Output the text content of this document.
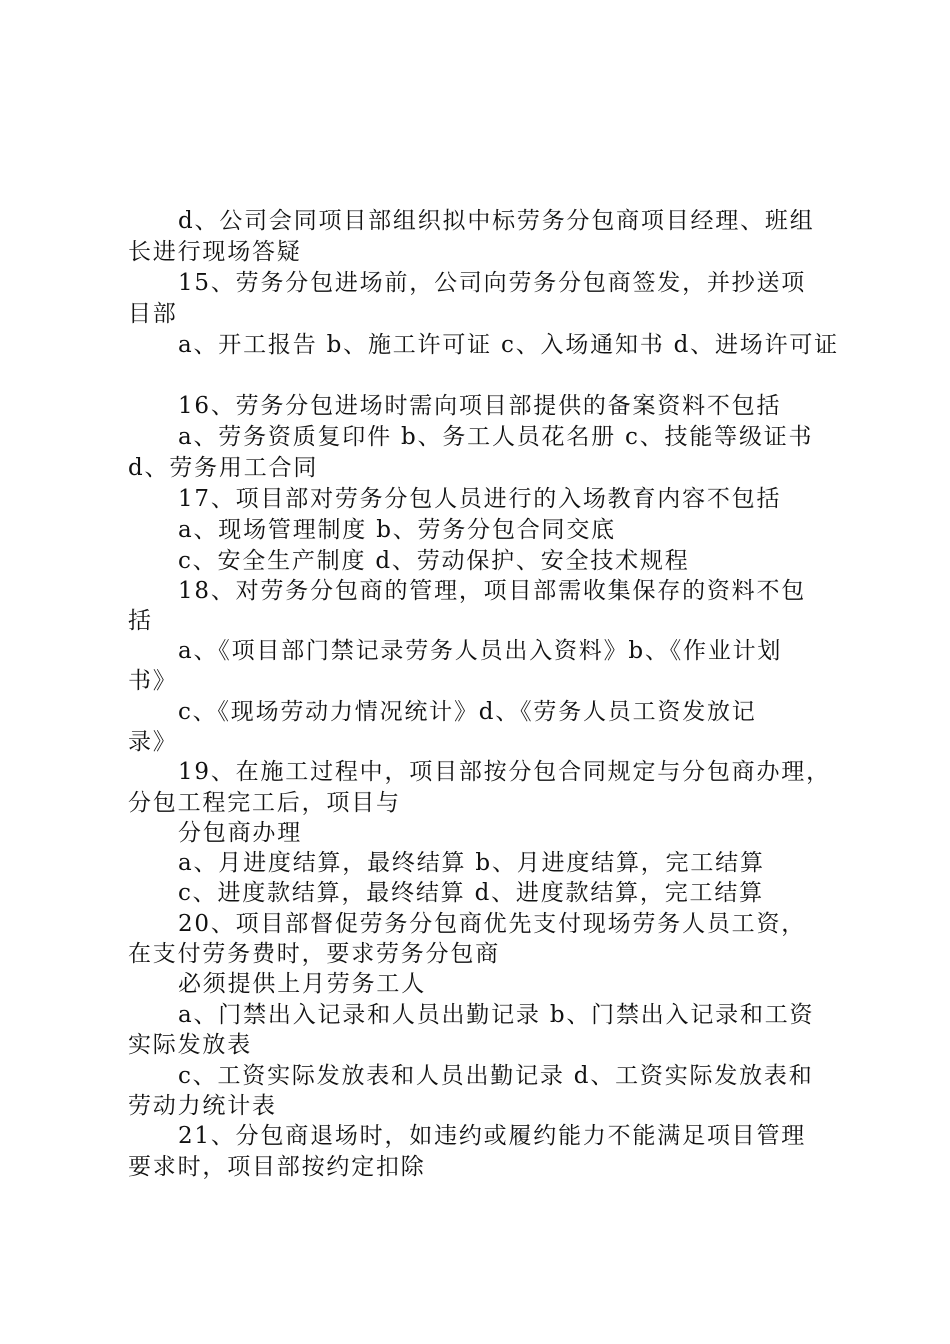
d、公司会同项目部组织拟中标劳务分包商项目经理、班组
长进行现场答疑
15、劳务分包进场前，公司向劳务分包商签发，并抄送项
目部
a、开工报告 b、施工许可证 c、入场通知书 d、进场许可证
16、劳务分包进场时需向项目部提供的备案资料不包括
a、劳务资质复印件 b、务工人员花名册 c、技能等级证书
d、劳务用工合同
17、项目部对劳务分包人员进行的入场教育内容不包括
a、现场管理制度 b、劳务分包合同交底
c、安全生产制度 d、劳动保护、安全技术规程
18、对劳务分包商的管理，项目部需收集保存的资料不包
括
a、《项目部门禁记录劳务人员出入资料》b、《作业计划
书》
c、《现场劳动力情况统计》d、《劳务人员工资发放记
录》
19、在施工过程中，项目部按分包合同规定与分包商办理，
分包工程完工后，项目与
分包商办理
a、月进度结算，最终结算 b、月进度结算，完工结算
c、进度款结算，最终结算 d、进度款结算，完工结算
20、项目部督促劳务分包商优先支付现场劳务人员工资，
在支付劳务费时，要求劳务分包商
必须提供上月劳务工人
a、门禁出入记录和人员出勤记录 b、门禁出入记录和工资
实际发放表
c、工资实际发放表和人员出勤记录 d、工资实际发放表和
劳动力统计表
21、分包商退场时，如违约或履约能力不能满足项目管理
要求时，项目部按约定扣除
